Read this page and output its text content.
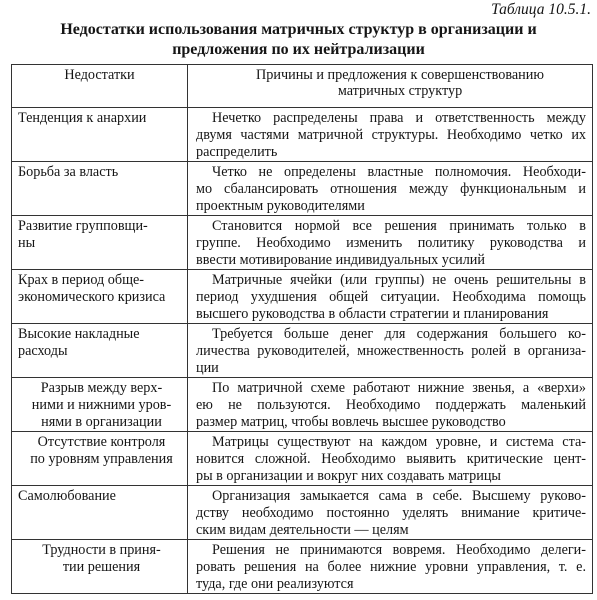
Таблица 10.5.1.
Недостатки использования матричных структур в организации и
предложения по их нейтрализации
Недостатки	Причины и предложения к совершенствованию
матричных структур

Тенденция к анархии	Нечетко распределены права и ответственность между
двумя частями матричной структуры. Необходимо четко их
распределить

Борьба за власть	Четко не определены властные полномочия. Необходи-
мо сбалансировать отношения между функциональным и
проектным руководителями

Развитие групповщи-
ны	Становится нормой все решения принимать только в
группе. Необходимо изменить политику руководства и
ввести мотивирование индивидуальных усилий

Крах в период обще-
экономического кризиса	Матричные ячейки (или группы) не очень решительны в
период ухудшения общей ситуации. Необходима помощь
высшего руководства в области стратегии и планирования

Высокие накладные
расходы	Требуется больше денег для содержания большего ко-
личества руководителей, множественность ролей в организа-
ции

Разрыв между верх-
ними и нижними уров-
нями в организации	По матричной схеме работают нижние звенья, а «верхи»
ею не пользуются. Необходимо поддержать маленький
размер матриц, чтобы вовлечь высшее руководство

Отсутствие контроля
по уровням управления	Матрицы существуют на каждом уровне, и система ста-
новится сложной. Необходимо выявить критические цент-
ры в организации и вокруг них создавать матрицы

Самолюбование	Организация замыкается сама в себе. Высшему руково-
дству необходимо постоянно уделять внимание критиче-
ским видам деятельности — целям

Трудности в приня-
тии решения	Решения не принимаются вовремя. Необходимо делеги-
ровать решения на более нижние уровни управления, т. е.
туда, где они реализуются
